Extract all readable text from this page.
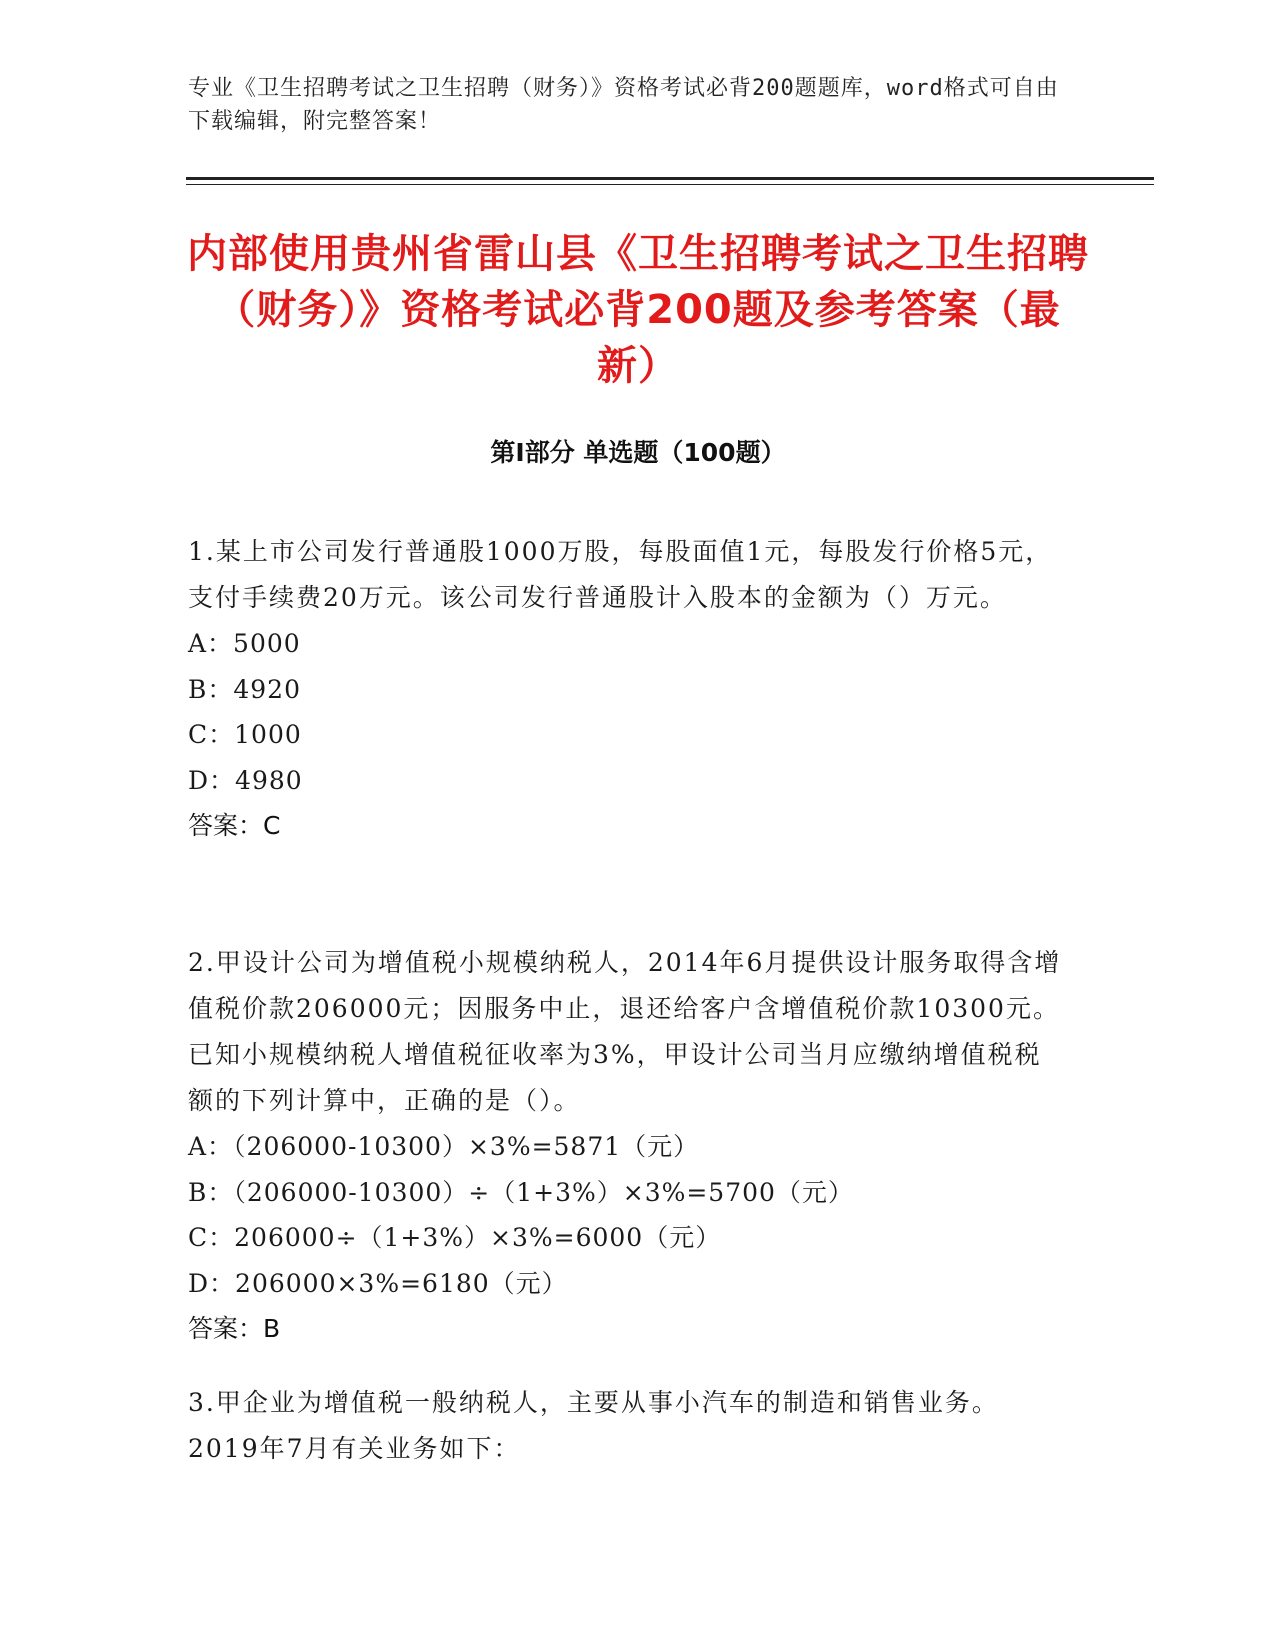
专业《卫生招聘考试之卫生招聘（财务）》资格考试必背200题题库，word格式可自由下载编辑，附完整答案！
内部使用贵州省雷山县《卫生招聘考试之卫生招聘（财务）》资格考试必背200题及参考答案（最新）
第Ⅰ部分 单选题（100题）

1.某上市公司发行普通股1000万股，每股面值1元，每股发行价格5元，支付手续费20万元。该公司发行普通股计入股本的金额为（）万元。

A：5000

B：4920

C：1000

D：4980

答案：C

2.甲设计公司为增值税小规模纳税人，2014年6月提供设计服务取得含增值税价款206000元；因服务中止，退还给客户含增值税价款10300元。已知小规模纳税人增值税征收率为3%，甲设计公司当月应缴纳增值税税额的下列计算中，正确的是（）。

A：（206000-10300）×3%=5871（元）

B：（206000-10300）÷（1+3%）×3%=5700（元）

C：206000÷（1+3%）×3%=6000（元）

D：206000×3%=6180（元）

答案：B

3.甲企业为增值税一般纳税人，主要从事小汽车的制造和销售业务。2019年7月有关业务如下：
